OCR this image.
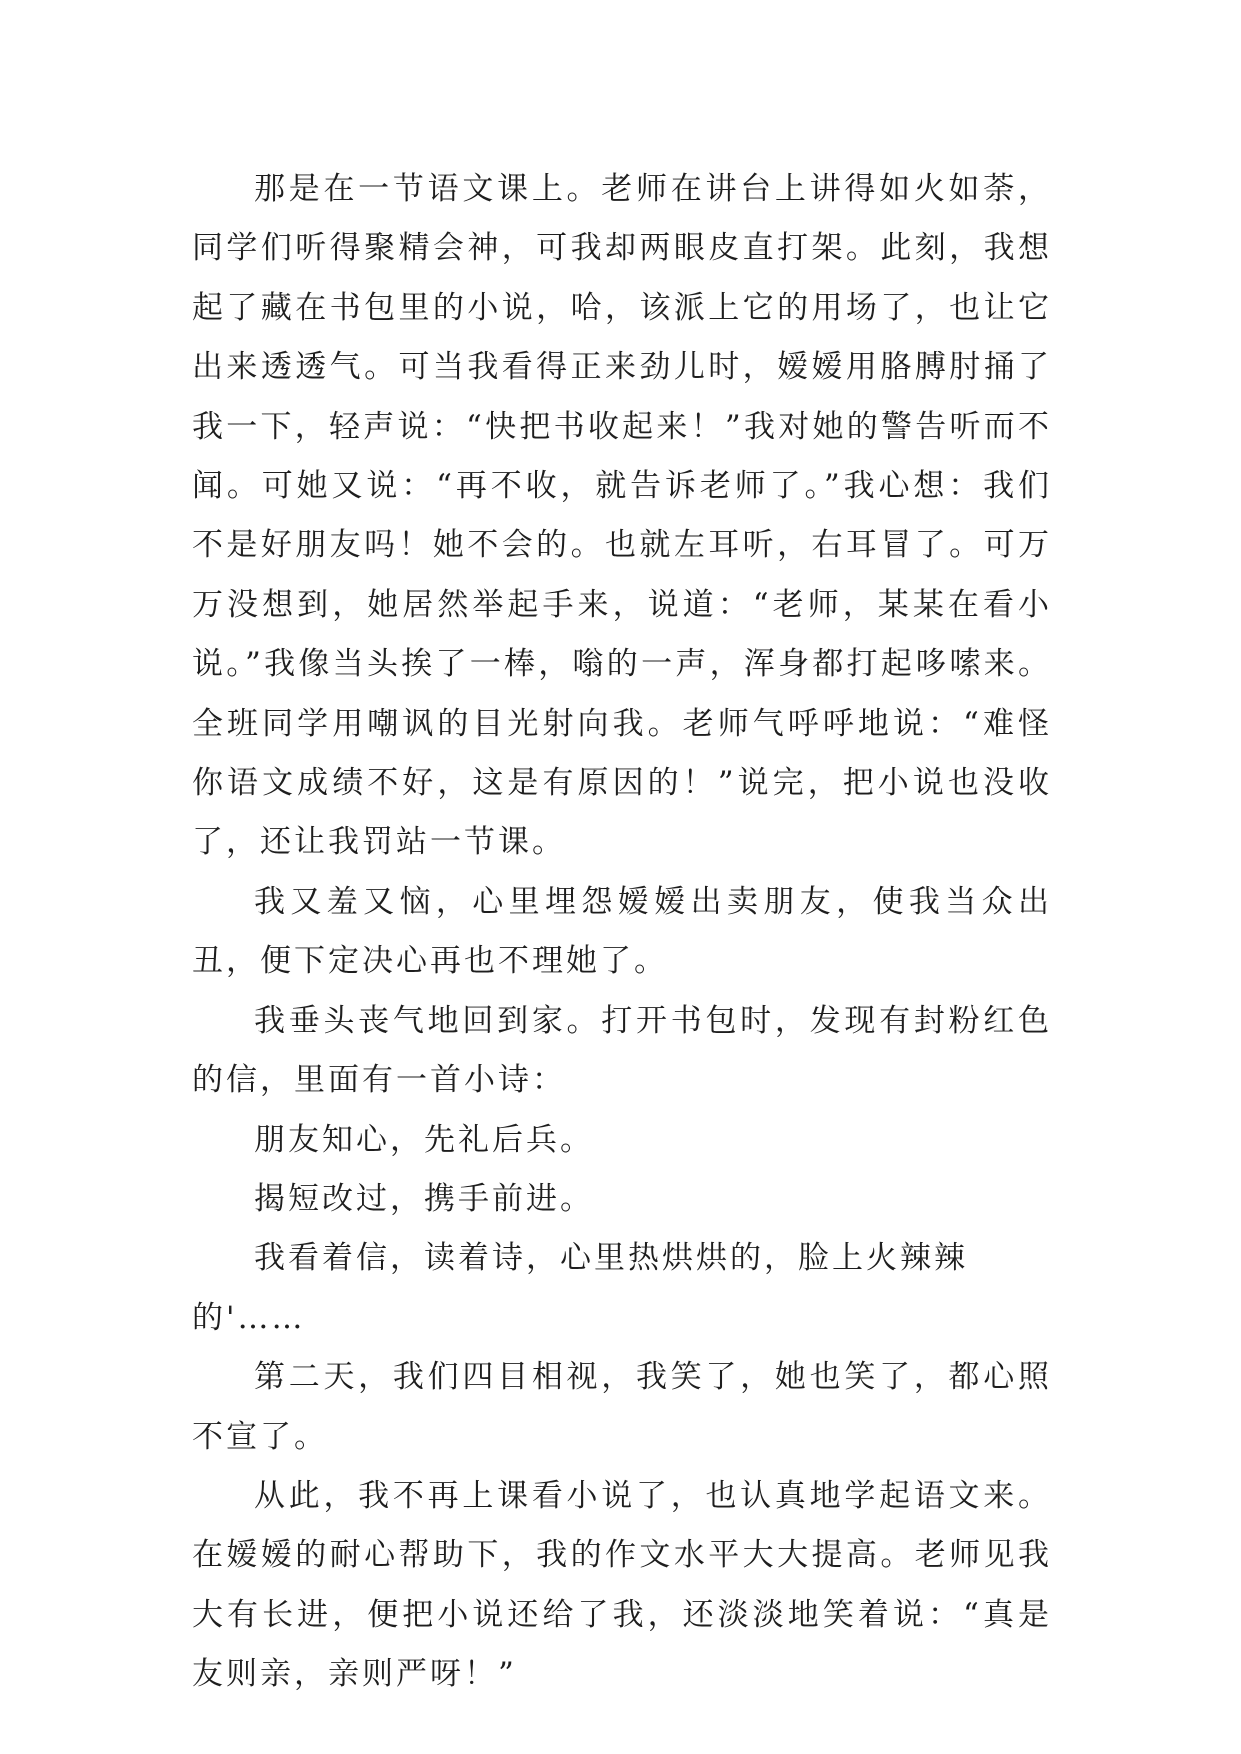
那是在一节语文课上。老师在讲台上讲得如火如荼，同学们听得聚精会神，可我却两眼皮直打架。此刻，我想起了藏在书包里的小说，哈，该派上它的用场了，也让它出来透透气。可当我看得正来劲儿时，嫒嫒用胳膊肘捅了我一下，轻声说：“快把书收起来！”我对她的警告听而不闻。可她又说：“再不收，就告诉老师了。”我心想：我们不是好朋友吗！她不会的。也就左耳听，右耳冒了。可万万没想到，她居然举起手来，说道：“老师，某某在看小说。”我像当头挨了一棒，嗡的一声，浑身都打起哆嗦来。全班同学用嘲讽的目光射向我。老师气呼呼地说：“难怪你语文成绩不好，这是有原因的！”说完，把小说也没收了，还让我罚站一节课。

我又羞又恼，心里埋怨嫒嫒出卖朋友，使我当众出丑，便下定决心再也不理她了。

我垂头丧气地回到家。打开书包时，发现有封粉红色的信，里面有一首小诗：

朋友知心，先礼后兵。

揭短改过，携手前进。

我看着信，读着诗，心里热烘烘的，脸上火辣辣的'……

第二天，我们四目相视，我笑了，她也笑了，都心照不宣了。

从此，我不再上课看小说了，也认真地学起语文来。在嫒嫒的耐心帮助下，我的作文水平大大提高。老师见我大有长进，便把小说还给了我，还淡淡地笑着说：“真是友则亲，亲则严呀！”
